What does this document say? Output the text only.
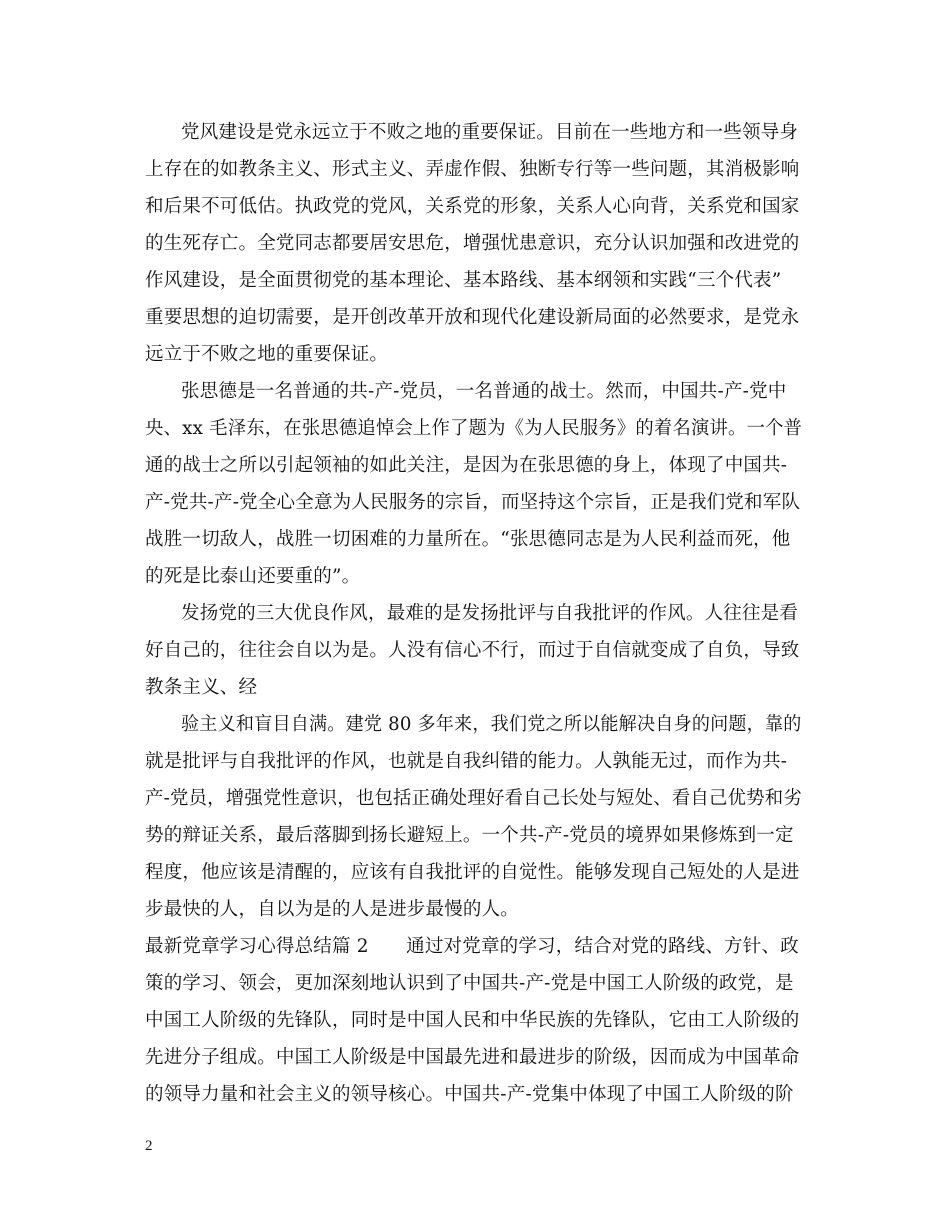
党风建设是党永远立于不败之地的重要保证。目前在一些地方和一些领导身
上存在的如教条主义、形式主义、弄虚作假、独断专行等一些问题，其消极影响
和后果不可低估。执政党的党风，关系党的形象，关系人心向背，关系党和国家
的生死存亡。全党同志都要居安思危，增强忧患意识，充分认识加强和改进党的
作风建设，是全面贯彻党的基本理论、基本路线、基本纲领和实践“三个代表”
重要思想的迫切需要，是开创改革开放和现代化建设新局面的必然要求，是党永
远立于不败之地的重要保证。
张思德是一名普通的共-产-党员，一名普通的战士。然而，中国共-产-党中
央、xx 毛泽东，在张思德追悼会上作了题为《为人民服务》的着名演讲。一个普
通的战士之所以引起领袖的如此关注，是因为在张思德的身上，体现了中国共-
产-党共-产-党全心全意为人民服务的宗旨，而坚持这个宗旨，正是我们党和军队
战胜一切敌人，战胜一切困难的力量所在。“张思德同志是为人民利益而死，他
的死是比泰山还要重的”。
发扬党的三大优良作风，最难的是发扬批评与自我批评的作风。人往往是看
好自己的，往往会自以为是。人没有信心不行，而过于自信就变成了自负，导致
教条主义、经
验主义和盲目自满。建党 80 多年来，我们党之所以能解决自身的问题，靠的
就是批评与自我批评的作风，也就是自我纠错的能力。人孰能无过，而作为共-
产-党员，增强党性意识，也包括正确处理好看自己长处与短处、看自己优势和劣
势的辩证关系，最后落脚到扬长避短上。一个共-产-党员的境界如果修炼到一定
程度，他应该是清醒的，应该有自我批评的自觉性。能够发现自己短处的人是进
步最快的人，自以为是的人是进步最慢的人。
最新党章学习心得总结篇 2　　通过对党章的学习，结合对党的路线、方针、政
策的学习、领会，更加深刻地认识到了中国共-产-党是中国工人阶级的政党，是
中国工人阶级的先锋队，同时是中国人民和中华民族的先锋队，它由工人阶级的
先进分子组成。中国工人阶级是中国最先进和最进步的阶级，因而成为中国革命
的领导力量和社会主义的领导核心。中国共-产-党集中体现了中国工人阶级的阶
2
